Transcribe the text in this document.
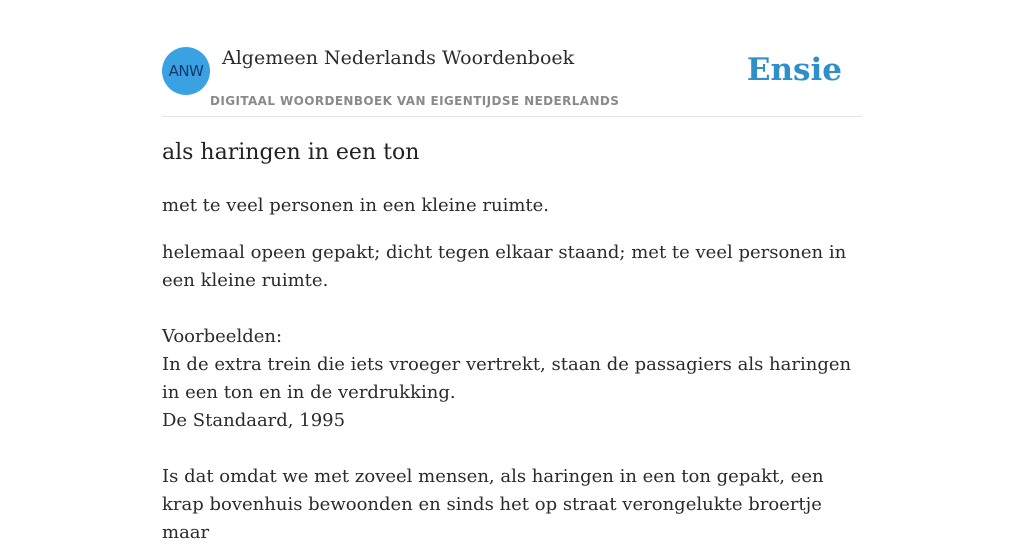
ANW
Algemeen Nederlands Woordenboek
DIGITAAL WOORDENBOEK VAN EIGENTIJDSE NEDERLANDS
Ensie
als haringen in een ton

met te veel personen in een kleine ruimte.

helemaal opeen gepakt; dicht tegen elkaar staand; met te veel personen in een kleine ruimte.

Voorbeelden:

In de extra trein die iets vroeger vertrekt, staan de passagiers als haringen in een ton en in de verdrukking.

De Standaard, 1995

Is dat omdat we met zoveel mensen, als haringen in een ton gepakt, een krap bovenhuis bewoonden en sinds het op straat verongelukte broertje maar
